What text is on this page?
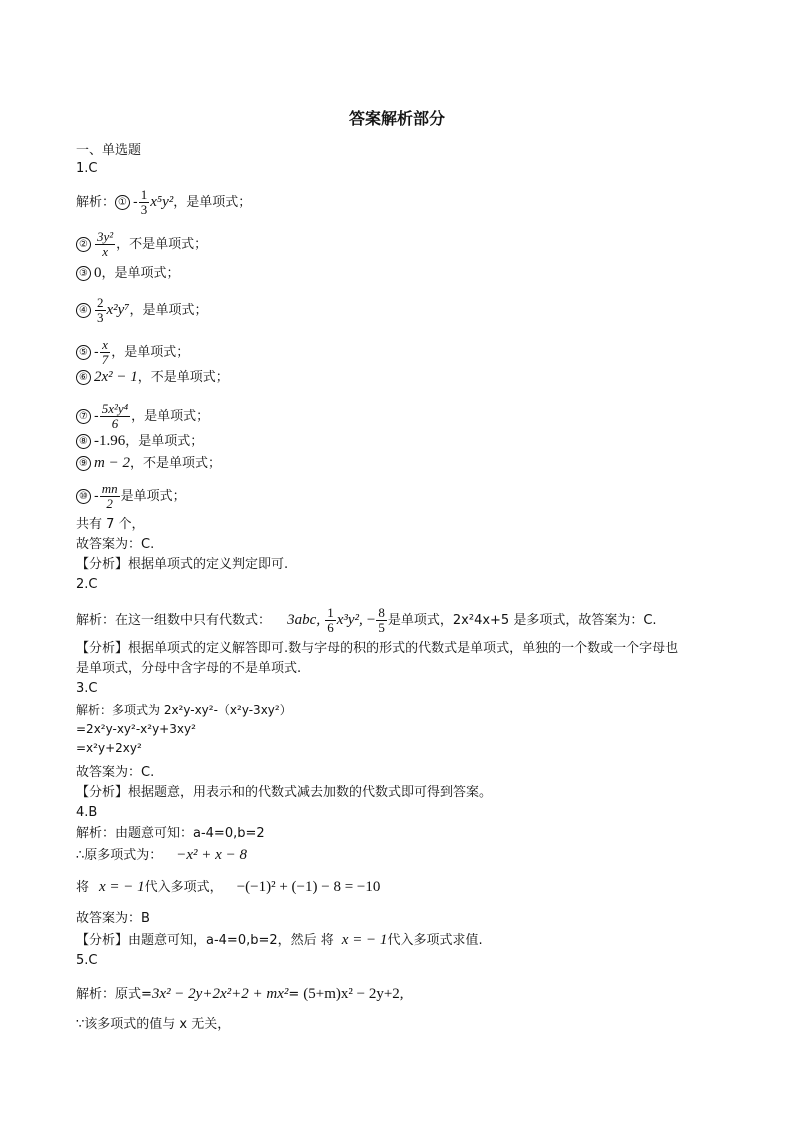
答案解析部分
一、单选题
1.C
解析： ① - $\frac{1}{3} x^5y^2$，是单项式；
② $\frac{\text{3y²}}{x}$ ，不是单项式；
③ 0，是单项式；
④ $\frac{2}{3} x^2y^7$，是单项式；
⑤ - $\frac{x}{7}$ ，是单项式；
⑥ 2x² − 1，不是单项式；
⑦ - $\frac{\text{5x²y⁴}}{6}$ ，是单项式；
⑧ -1.96，是单项式；
⑨ m − 2，不是单项式；
⑩ - $\frac{mn}{2}$ 是单项式；
共有 7 个，
故答案为：C.
【分析】根据单项式的定义判定即可.
2.C
解析：在这一组数中只有代数式： 3abc, $\frac{1}{6} x^3y^2$, − $\frac{8}{5}$ 是单项式，2x²4x+5 是多项式，故答案为：C.
【分析】根据单项式的定义解答即可.数与字母的积的形式的代数式是单项式，单独的一个数或一个字母也
是单项式，分母中含字母的不是单项式.
3.C
解析：多项式为 2x²y-xy²-（x²y-3xy²）
=2x²y-xy²-x²y+3xy²
=x²y+2xy²
故答案为：C.
【分析】根据题意，用表示和的代数式减去加数的代数式即可得到答案。
4.B
解析：由题意可知：a-4=0,b=2
∴原多项式为： −x² + x − 8
将 x = − 1代入多项式， −(−1)² + (−1) − 8 = −10
故答案为：B
【分析】由题意可知，a-4=0,b=2，然后 将 x = − 1代入多项式求值.
5.C
解析：原式=3x² − 2y+2x²+2 + mx²= (5+m)x² − 2y+2,
∵该多项式的值与 x 无关，
